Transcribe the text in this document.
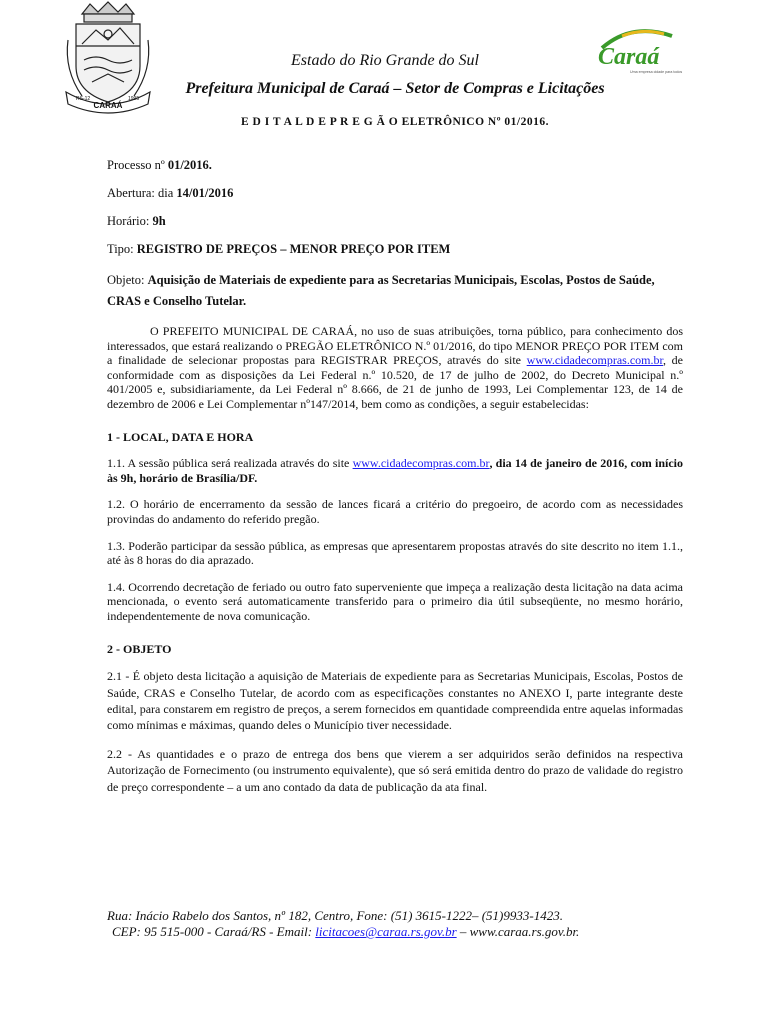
CARAÁ
RS-12	1995
Caraá
Uma empresa cidade para todos
Estado do Rio Grande do Sul
Prefeitura Municipal de Caraá – Setor de Compras e Licitações
E D I T A L D E P R E G Ã O ELETRÔNICO Nº 01/2016.

Processo nº 01/2016.

Abertura: dia 14/01/2016

Horário: 9h

Tipo: REGISTRO DE PREÇOS – MENOR PREÇO POR ITEM

Objeto: Aquisição de Materiais de expediente para as Secretarias Municipais, Escolas, Postos de Saúde, CRAS e Conselho Tutelar.

O PREFEITO MUNICIPAL DE CARAÁ, no uso de suas atribuições, torna público, para conhecimento dos interessados, que estará realizando o PREGÃO ELETRÔNICO N.º 01/2016, do tipo MENOR PREÇO POR ITEM com a finalidade de selecionar propostas para REGISTRAR PREÇOS, através do site www.cidadecompras.com.br, de conformidade com as disposições da Lei Federal n.º 10.520, de 17 de julho de 2002, do Decreto Municipal n.º 401/2005 e, subsidiariamente, da Lei Federal nº 8.666, de 21 de junho de 1993, Lei Complementar 123, de 14 de dezembro de 2006 e Lei Complementar nº147/2014, bem como as condições, a seguir estabelecidas:

1 - LOCAL, DATA E HORA

1.1. A sessão pública será realizada através do site www.cidadecompras.com.br, dia 14 de janeiro de 2016, com início às 9h, horário de Brasília/DF.

1.2. O horário de encerramento da sessão de lances ficará a critério do pregoeiro, de acordo com as necessidades provindas do andamento do referido pregão.

1.3. Poderão participar da sessão pública, as empresas que apresentarem propostas através do site descrito no item 1.1., até às 8 horas do dia aprazado.

1.4. Ocorrendo decretação de feriado ou outro fato superveniente que impeça a realização desta licitação na data acima mencionada, o evento será automaticamente transferido para o primeiro dia útil subseqüente, no mesmo horário, independentemente de nova comunicação.

2 - OBJETO

2.1 - É objeto desta licitação a aquisição de Materiais de expediente para as Secretarias Municipais, Escolas, Postos de Saúde, CRAS e Conselho Tutelar, de acordo com as especificações constantes no ANEXO I, parte integrante deste edital, para constarem em registro de preços, a serem fornecidos em quantidade compreendida entre aquelas informadas como mínimas e máximas, quando deles o Município tiver necessidade.

2.2 - As quantidades e o prazo de entrega dos bens que vierem a ser adquiridos serão definidos na respectiva Autorização de Fornecimento (ou instrumento equivalente), que só será emitida dentro do prazo de validade do registro de preço correspondente – a um ano contado da data de publicação da ata final.

Rua: Inácio Rabelo dos Santos, nº 182, Centro, Fone: (51) 3615-1222– (51)9933-1423.
CEP: 95 515-000 - Caraá/RS - Email: licitacoes@caraa.rs.gov.br – www.caraa.rs.gov.br.
